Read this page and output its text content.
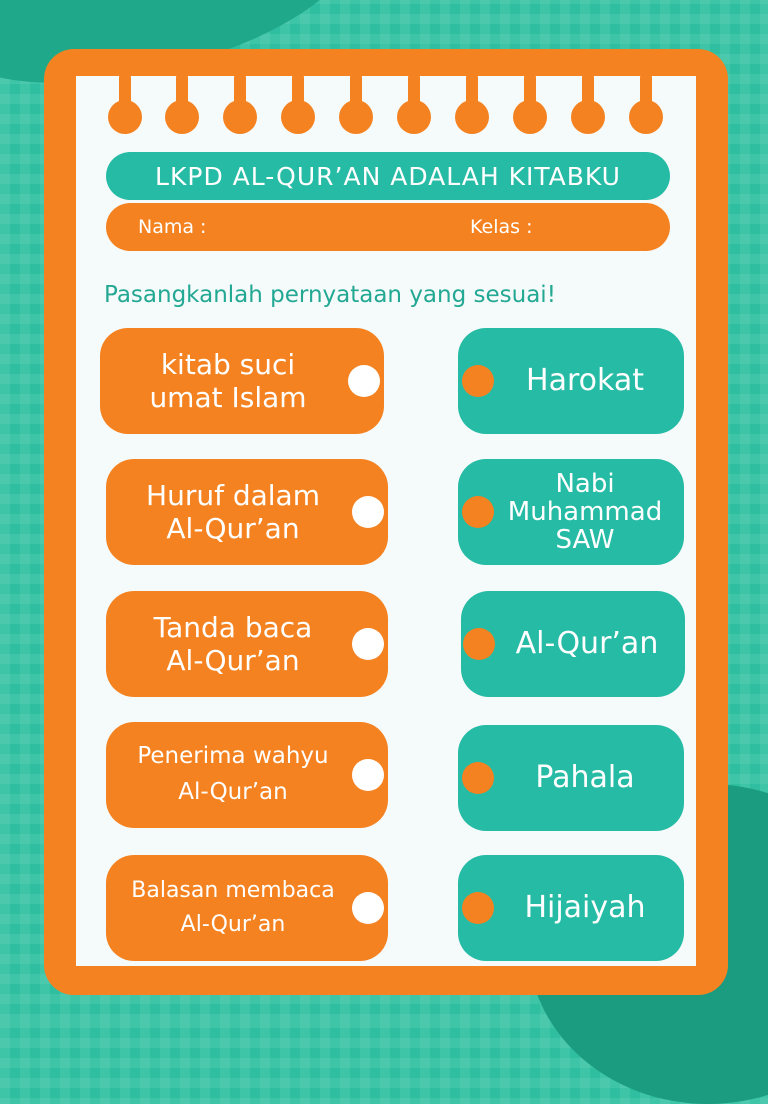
LKPD AL-QUR’AN ADALAH KITABKU
Nama :	Kelas :
Pasangkanlah pernyataan yang sesuai!
kitab suci
umat Islam
Huruf dalam
Al-Qur’an
Tanda baca
Al-Qur’an
Penerima wahyu
Al-Qur’an
Balasan membaca
Al-Qur’an
Harokat
Nabi
Muhammad
SAW
Al-Qur’an
Pahala
Hijaiyah
